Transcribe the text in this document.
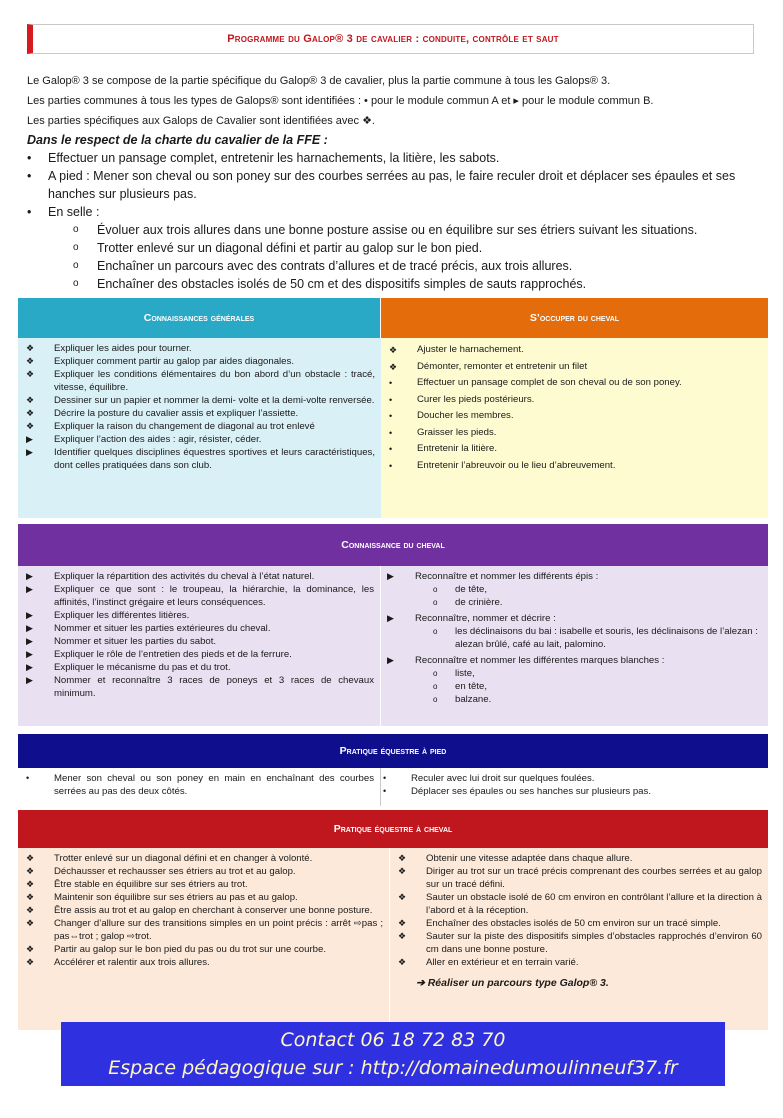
Programme du Galop® 3 de cavalier : conduite, contrôle et saut
Le Galop® 3 se compose de la partie spécifique du Galop® 3 de cavalier, plus la partie commune à tous les Galops® 3.
Les parties communes à tous les types de Galops® sont identifiées : • pour le module commun A et ▸ pour le module commun B.
Les parties spécifiques aux Galops de Cavalier sont identifiées avec ❖.
Dans le respect de la charte du cavalier de la FFE :
• Effectuer un pansage complet, entretenir les harnachements, la litière, les sabots.
• A pied : Mener son cheval ou son poney sur des courbes serrées au pas, le faire reculer droit et déplacer ses épaules et ses hanches sur plusieurs pas.
• En selle :
o Évoluer aux trois allures dans une bonne posture assise ou en équilibre sur ses étriers suivant les situations.
o Trotter enlevé sur un diagonal défini et partir au galop sur le bon pied.
o Enchaîner un parcours avec des contrats d’allures et de tracé précis, aux trois allures.
o Enchaîner des obstacles isolés de 50 cm et des dispositifs simples de sauts rapprochés.
Connaissances générales	S’occuper du cheval
❖ Expliquer les aides pour tourner.
❖ Expliquer comment partir au galop par aides diagonales.
❖ Expliquer les conditions élémentaires du bon abord d’un obstacle : tracé, vitesse, équilibre.
❖ Dessiner sur un papier et nommer la demi- volte et la demi-volte renversée.
❖ Décrire la posture du cavalier assis et expliquer l’assiette.
❖ Expliquer la raison du changement de diagonal au trot enlevé
▶ Expliquer l’action des aides : agir, résister, céder.
▶ Identifier quelques disciplines équestres sportives et leurs caractéristiques, dont celles pratiquées dans son club.
❖ Ajuster le harnachement.
❖ Démonter, remonter et entretenir un filet
•	Effectuer un pansage complet de son cheval ou de son poney.
•	Curer les pieds postérieurs.
•	Doucher les membres.
•	Graisser les pieds.
•	Entretenir la litière.
•	Entretenir l’abreuvoir ou le lieu d’abreuvement.
Connaissance du cheval
▶ Expliquer la répartition des activités du cheval à l’état naturel.
▶ Expliquer ce que sont : le troupeau, la hiérarchie, la dominance, les affinités, l’instinct grégaire et leurs conséquences.
▶ Expliquer les différentes litières.
▶ Nommer et situer les parties extérieures du cheval.
▶ Nommer et situer les parties du sabot.
▶ Expliquer le rôle de l’entretien des pieds et de la ferrure.
▶ Expliquer le mécanisme du pas et du trot.
▶ Nommer et reconnaître 3 races de poneys et 3 races de chevaux minimum.
▶ Reconnaître et nommer les différents épis :
o de tête,
o de crinière.
▶ Reconnaître, nommer et décrire :
o les déclinaisons du bai : isabelle et souris, les déclinaisons de l’alezan : alezan brûlé, café au lait, palomino.
▶ Reconnaître et nommer les différentes marques blanches :
o liste,
o en tête,
o balzane.
Pratique équestre à pied
•	Mener son cheval ou son poney en main en enchaînant des courbes serrées au pas des deux côtés.
•	Reculer avec lui droit sur quelques foulées.
•	Déplacer ses épaules ou ses hanches sur plusieurs pas.
Pratique équestre à cheval
❖ Trotter enlevé sur un diagonal défini et en changer à volonté.
❖ Déchausser et rechausser ses étriers au trot et au galop.
❖ Être stable en équilibre sur ses étriers au trot.
❖ Maintenir son équilibre sur ses étriers au pas et au galop.
❖ Être assis au trot et au galop en cherchant à conserver une bonne posture.
❖ Changer d’allure sur des transitions simples en un point précis : arrêt ⇨pas ; pas⇔trot ; galop ⇨trot.
❖ Partir au galop sur le bon pied du pas ou du trot sur une courbe.
❖ Accélérer et ralentir aux trois allures.
❖ Obtenir une vitesse adaptée dans chaque allure.
❖ Diriger au trot sur un tracé précis comprenant des courbes serrées et au galop sur un tracé défini.
❖ Sauter un obstacle isolé de 60 cm environ en contrôlant l’allure et la direction à l’abord et à la réception.
❖ Enchaîner des obstacles isolés de 50 cm environ sur un tracé simple.
❖ Sauter sur la piste des dispositifs simples d’obstacles rapprochés d’environ 60 cm dans une bonne posture.
❖ Aller en extérieur et en terrain varié.
➔ Réaliser un parcours type Galop® 3.
Contact 06 18 72 83 70
Espace pédagogique sur : http://domainedumoulinneuf37.fr
